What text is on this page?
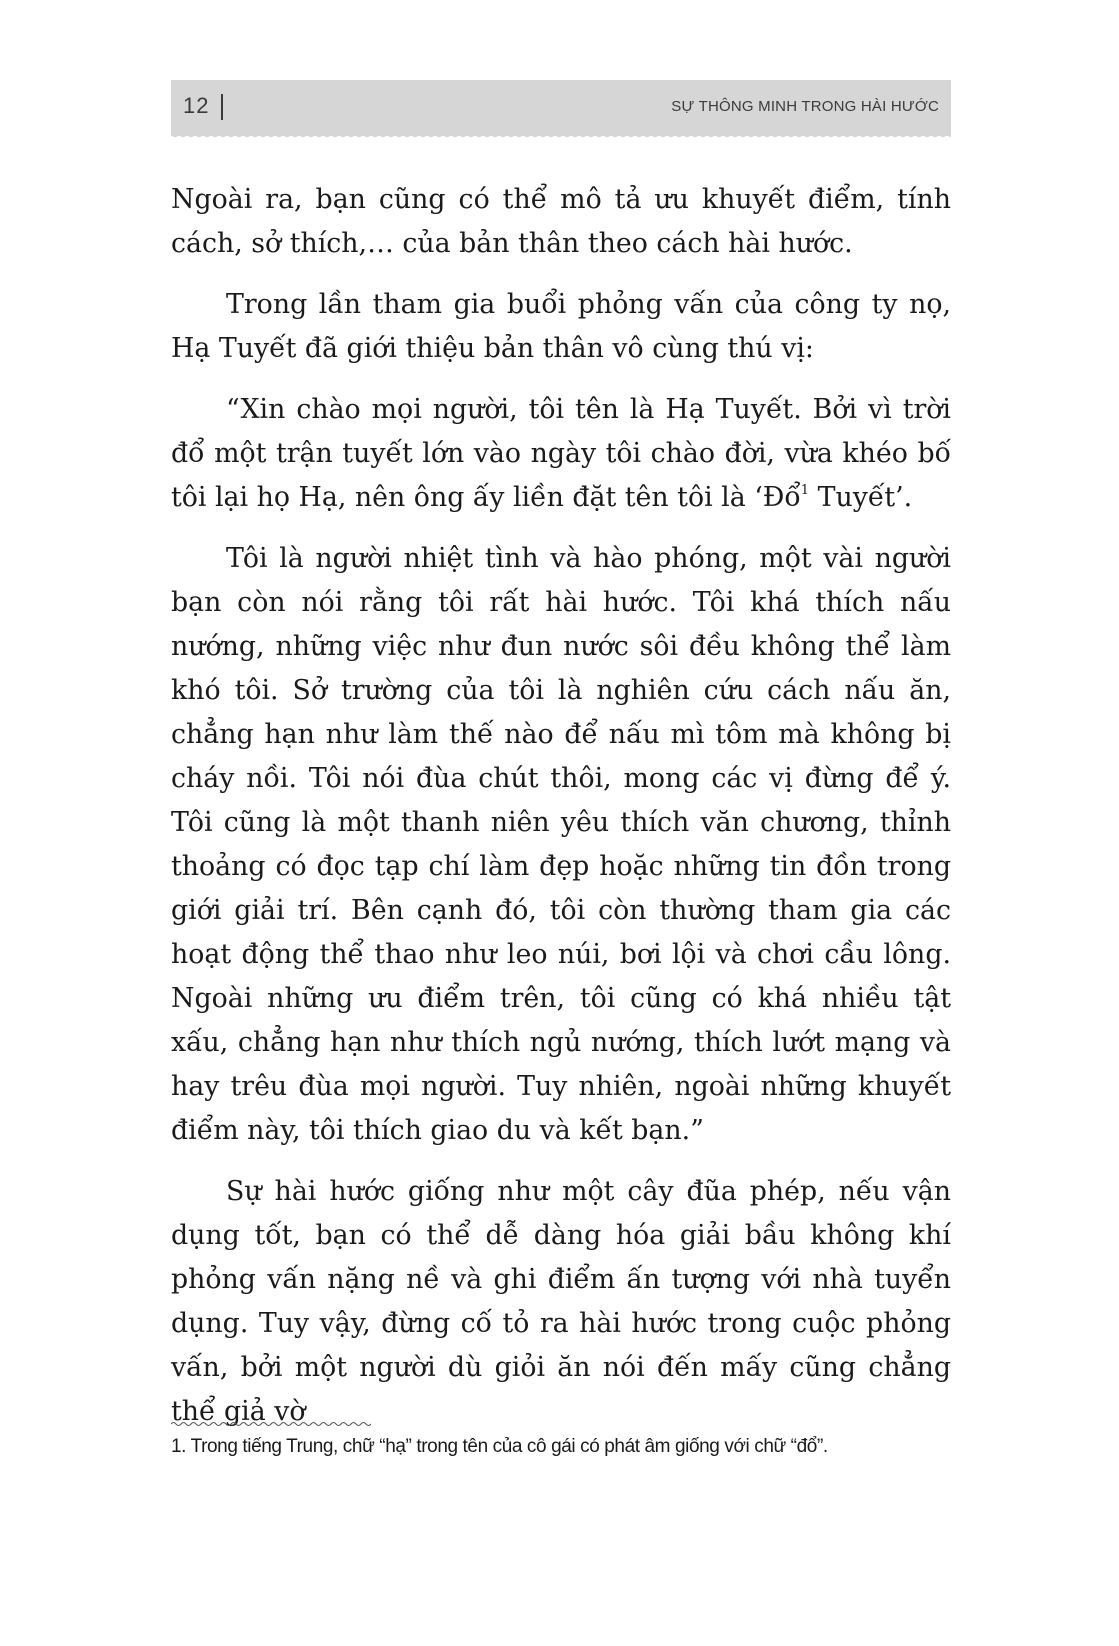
12	SỰ THÔNG MINH TRONG HÀI HƯỚC

Ngoài ra, bạn cũng có thể mô tả ưu khuyết điểm, tính cách, sở thích,… của bản thân theo cách hài hước.

Trong lần tham gia buổi phỏng vấn của công ty nọ, Hạ Tuyết đã giới thiệu bản thân vô cùng thú vị:

“Xin chào mọi người, tôi tên là Hạ Tuyết. Bởi vì trời đổ một trận tuyết lớn vào ngày tôi chào đời, vừa khéo bố tôi lại họ Hạ, nên ông ấy liền đặt tên tôi là ‘Đổ$^1$ Tuyết’.

Tôi là người nhiệt tình và hào phóng, một vài người bạn còn nói rằng tôi rất hài hước. Tôi khá thích nấu nướng, những việc như đun nước sôi đều không thể làm khó tôi. Sở trường của tôi là nghiên cứu cách nấu ăn, chẳng hạn như làm thế nào để nấu mì tôm mà không bị cháy nồi. Tôi nói đùa chút thôi, mong các vị đừng để ý. Tôi cũng là một thanh niên yêu thích văn chương, thỉnh thoảng có đọc tạp chí làm đẹp hoặc những tin đồn trong giới giải trí. Bên cạnh đó, tôi còn thường tham gia các hoạt động thể thao như leo núi, bơi lội và chơi cầu lông. Ngoài những ưu điểm trên, tôi cũng có khá nhiều tật xấu, chẳng hạn như thích ngủ nướng, thích lướt mạng và hay trêu đùa mọi người. Tuy nhiên, ngoài những khuyết điểm này, tôi thích giao du và kết bạn.”

Sự hài hước giống như một cây đũa phép, nếu vận dụng tốt, bạn có thể dễ dàng hóa giải bầu không khí phỏng vấn nặng nề và ghi điểm ấn tượng với nhà tuyển dụng. Tuy vậy, đừng cố tỏ ra hài hước trong cuộc phỏng vấn, bởi một người dù giỏi ăn nói đến mấy cũng chẳng thể giả vờ

1. Trong tiếng Trung, chữ “hạ” trong tên của cô gái có phát âm giống với chữ “đổ”.
